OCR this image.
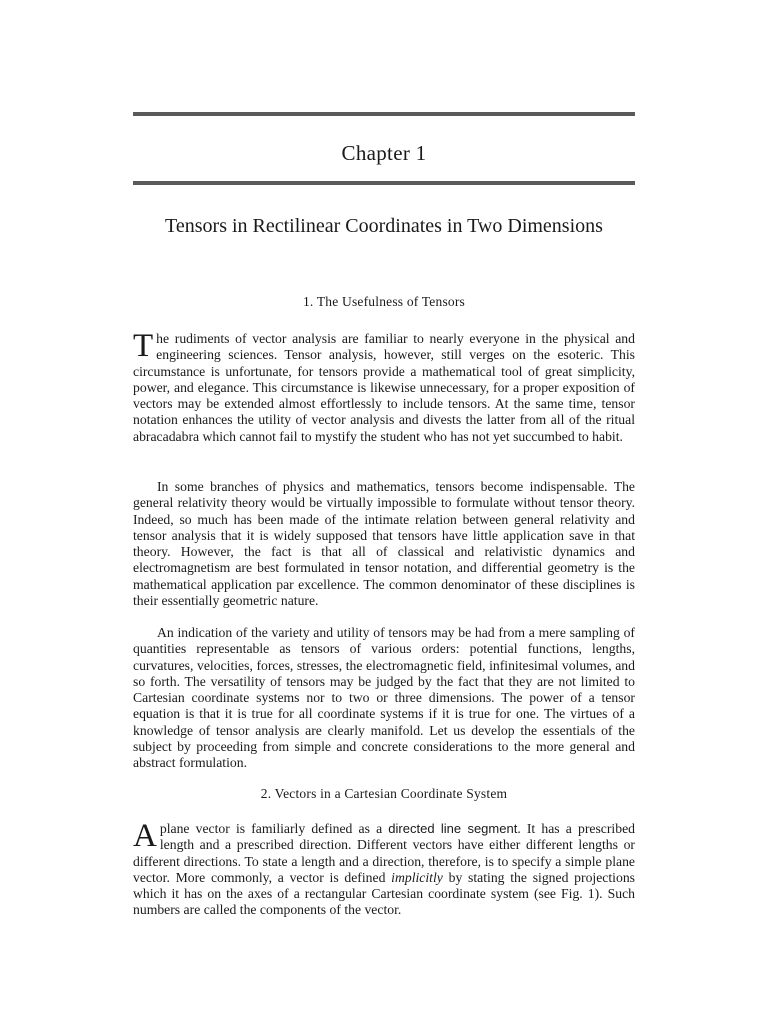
Chapter 1
Tensors in Rectilinear Coordinates in Two Dimensions
1. The Usefulness of Tensors

The rudiments of vector analysis are familiar to nearly everyone in the physical and engineering sciences. Tensor analysis, however, still verges on the esoteric. This circumstance is unfortunate, for tensors provide a mathematical tool of great simplicity, power, and elegance. This circumstance is likewise unnecessary, for a proper exposition of vectors may be extended almost effortlessly to include tensors. At the same time, tensor notation enhances the utility of vector analysis and divests the latter from all of the ritual abracadabra which cannot fail to mystify the student who has not yet succumbed to habit.

In some branches of physics and mathematics, tensors become indispensable. The general relativity theory would be virtually impossible to formulate without tensor theory. Indeed, so much has been made of the intimate relation between general relativity and tensor analysis that it is widely supposed that tensors have little application save in that theory. However, the fact is that all of classical and relativistic dynamics and electromagnetism are best formulated in tensor notation, and differential geometry is the mathematical application par excellence. The common denominator of these disciplines is their essentially geometric nature.

An indication of the variety and utility of tensors may be had from a mere sampling of quantities representable as tensors of various orders: potential functions, lengths, curvatures, velocities, forces, stresses, the electromagnetic field, infinitesimal volumes, and so forth. The versatility of tensors may be judged by the fact that they are not limited to Cartesian coordinate systems nor to two or three dimensions. The power of a tensor equation is that it is true for all coordinate systems if it is true for one. The virtues of a knowledge of tensor analysis are clearly manifold. Let us develop the essentials of the subject by proceeding from simple and concrete considerations to the more general and abstract formulation.

2. Vectors in a Cartesian Coordinate System

A plane vector is familiarly defined as a directed line segment. It has a prescribed length and a prescribed direction. Different vectors have either different lengths or different directions. To state a length and a direction, therefore, is to specify a simple plane vector. More commonly, a vector is defined implicitly by stating the signed projections which it has on the axes of a rectangular Cartesian coordinate system (see Fig. 1). Such numbers are called the components of the vector.
